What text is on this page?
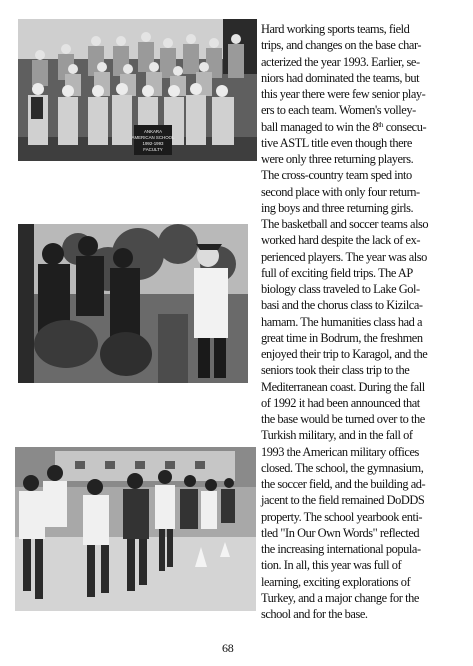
ANKARA
AMERICAN SCHOOL
1992-1993
FACULTY
Hard working sports teams, field
trips, and changes on the base char-
acterized the year 1993. Earlier, se-
niors had dominated the teams, but
this year there were few senior play-
ers to each team. Women's volley-
ball managed to win the 8th consecu-
tive ASTL title even though there
were only three returning players.
The cross-country team sped into
second place with only four return-
ing boys and three returning girls.
The basketball and soccer teams also
worked hard despite the lack of ex-
perienced players. The year was also
full of exciting field trips. The AP
biology class traveled to Lake Gol-
basi and the chorus class to Kizilca-
hamam. The humanities class had a
great time in Bodrum, the freshmen
enjoyed their trip to Karagol, and the
seniors took their class trip to the
Mediterranean coast. During the fall
of 1992 it had been announced that
the base would be turned over to the
Turkish military, and in the fall of
1993 the American military offices
closed. The school, the gymnasium,
the soccer field, and the building ad-
jacent to the field remained DoDDS
property. The school yearbook enti-
tled "In Our Own Words" reflected
the increasing international popula-
tion. In all, this year was full of
learning, exciting explorations of
Turkey, and a major change for the
school and for the base.
68
